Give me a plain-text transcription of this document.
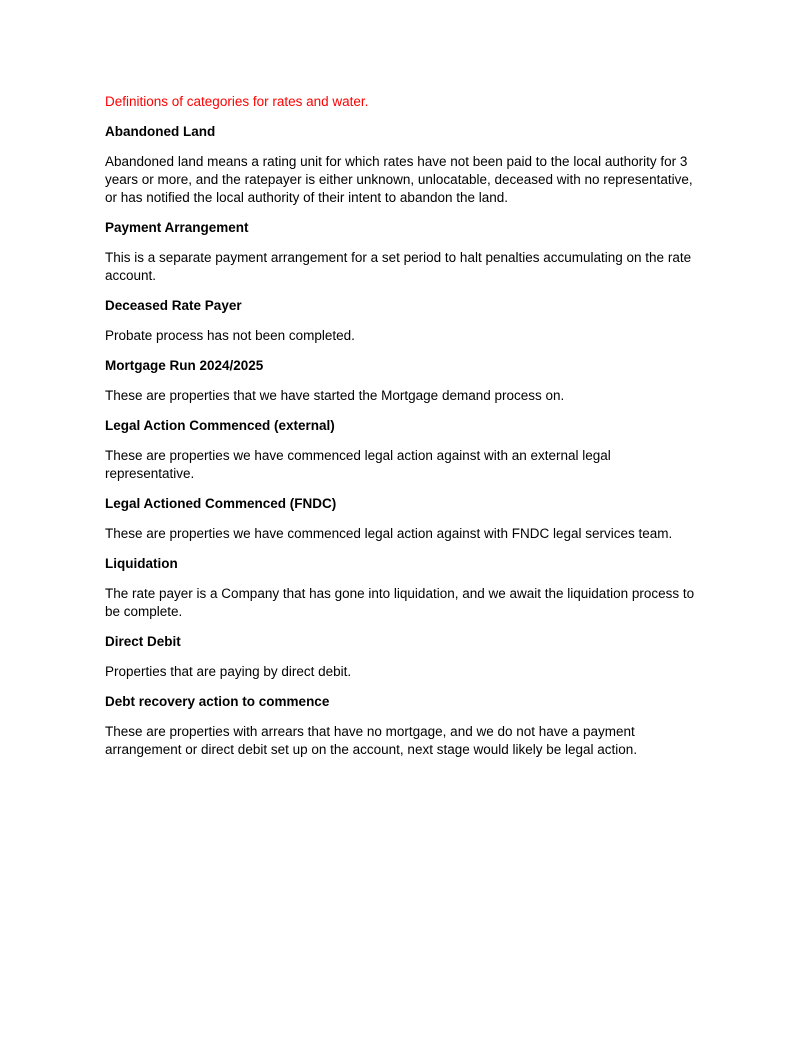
Definitions of categories for rates and water.

Abandoned Land

Abandoned land means a rating unit for which rates have not been paid to the local authority for 3 years or more, and the ratepayer is either unknown, unlocatable, deceased with no representative, or has notified the local authority of their intent to abandon the land.

Payment Arrangement

This is a separate payment arrangement for a set period to halt penalties accumulating on the rate account.

Deceased Rate Payer

Probate process has not been completed.

Mortgage Run 2024/2025

These are properties that we have started the Mortgage demand process on.

Legal Action Commenced (external)

These are properties we have commenced legal action against with an external legal representative.

Legal Actioned Commenced (FNDC)

These are properties we have commenced legal action against with FNDC legal services team.

Liquidation

The rate payer is a Company that has gone into liquidation, and we await the liquidation process to be complete.

Direct Debit

Properties that are paying by direct debit.

Debt recovery action to commence

These are properties with arrears that have no mortgage, and we do not have a payment arrangement or direct debit set up on the account, next stage would likely be legal action.
